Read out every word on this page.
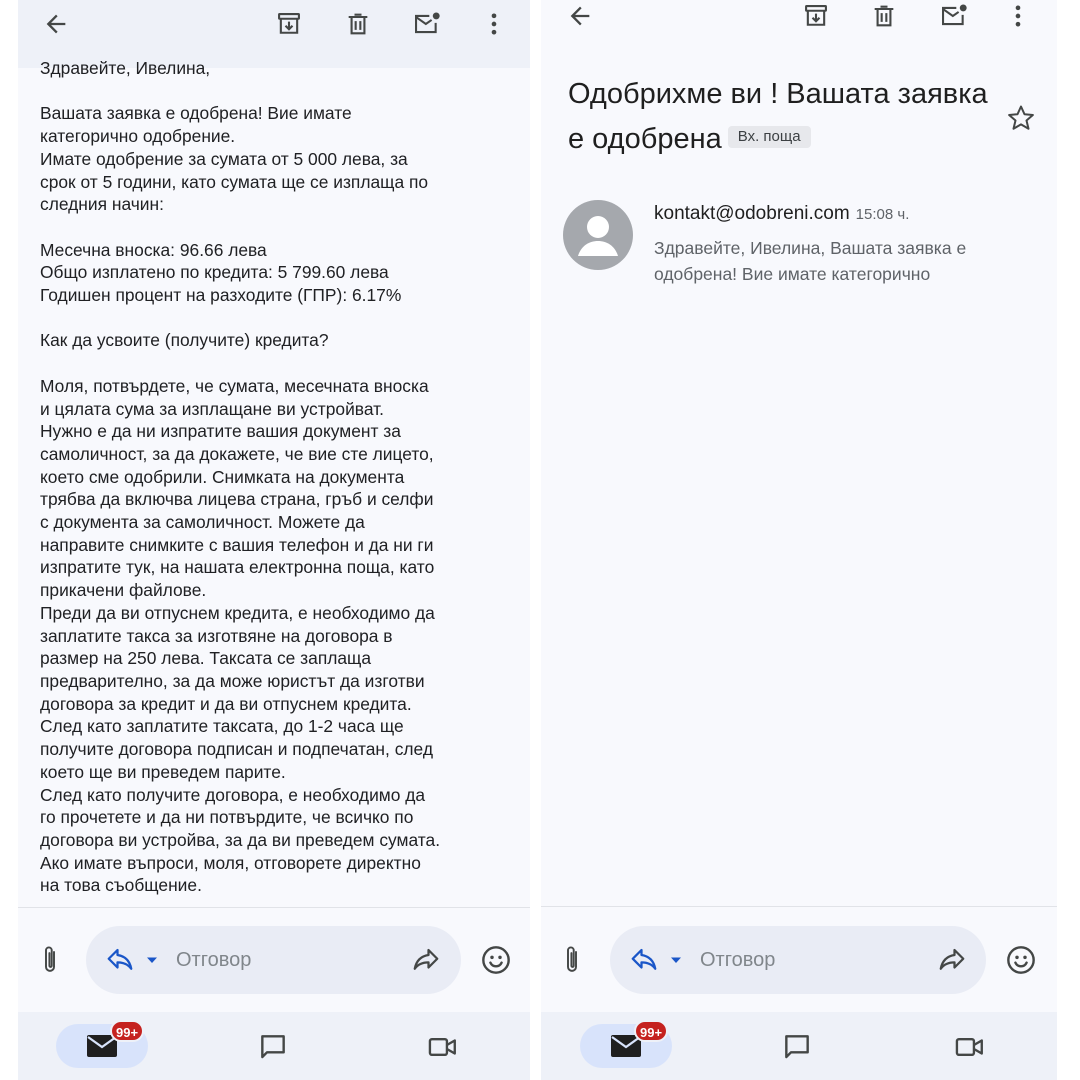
Здравейте, Ивелина,

Вашата заявка е одобрена! Вие имате
категорично одобрение.
Имате одобрение за сумата от 5 000 лева, за
срок от 5 години, като сумата ще се изплаща по
следния начин:

Месечна вноска: 96.66 лева
Общо изплатено по кредита: 5 799.60 лева
Годишен процент на разходите (ГПР): 6.17%

Как да усвоите (получите) кредита?

Моля, потвърдете, че сумата, месечната вноска
и цялата сума за изплащане ви устройват.
Нужно е да ни изпратите вашия документ за
самоличност, за да докажете, че вие сте лицето,
което сме одобрили. Снимката на документа
трябва да включва лицева страна, гръб и селфи
с документа за самоличност. Можете да
направите снимките с вашия телефон и да ни ги
изпратите тук, на нашата електронна поща, като
прикачени файлове.
Преди да ви отпуснем кредита, е необходимо да
заплатите такса за изготвяне на договора в
размер на 250 лева. Таксата се заплаща
предварително, за да може юристът да изготви
договора за кредит и да ви отпуснем кредита.
След като заплатите таксата, до 1-2 часа ще
получите договора подписан и подпечатан, след
което ще ви преведем парите.
След като получите договора, е необходимо да
го прочетете и да ни потвърдите, че всичко по
договора ви устройва, за да ви преведем сумата.
Ако имате въпроси, моля, отговорете директно
на това съобщение.
Отговор
99+
Одобрихме ви ! Вашата заявка е одобрена Вх. поща
kontakt@odobreni.com 15:08 ч.
Здравейте, Ивелина, Вашата заявка е одобрена! Вие имате категорично
Отговор
99+
